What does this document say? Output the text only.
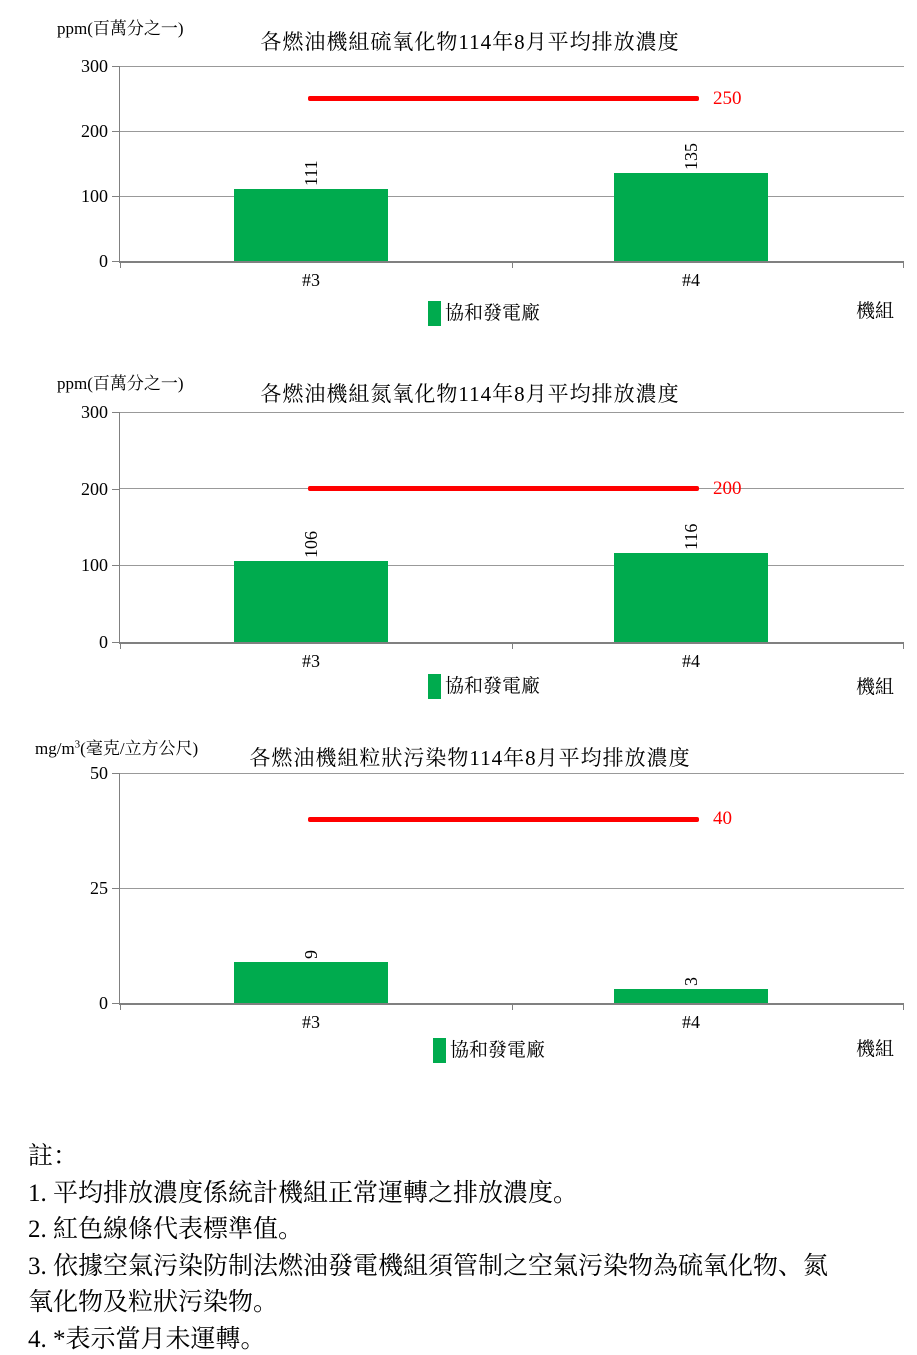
ppm(百萬分之一)
各燃油機組硫氧化物114年8月平均排放濃度
0
100
200
300
111
#3
135
#4
250
協和發電廠	機組
ppm(百萬分之一)	各燃油機組氮氧化物114年8月平均排放濃度
0
100
200
300
106
#3
116
#4
200
協和發電廠	機組
$mg/m^3$(毫克/立方公尺)	各燃油機組粒狀污染物114年8月平均排放濃度
0
25
50
9
#3
3
#4
40
協和發電廠	機組
註：
1. 平均排放濃度係統計機組正常運轉之排放濃度。
2. 紅色線條代表標準值。
3. 依據空氣污染防制法燃油發電機組須管制之空氣污染物為硫氧化物、氮氧化物及粒狀污染物。
4. *表示當月未運轉。
